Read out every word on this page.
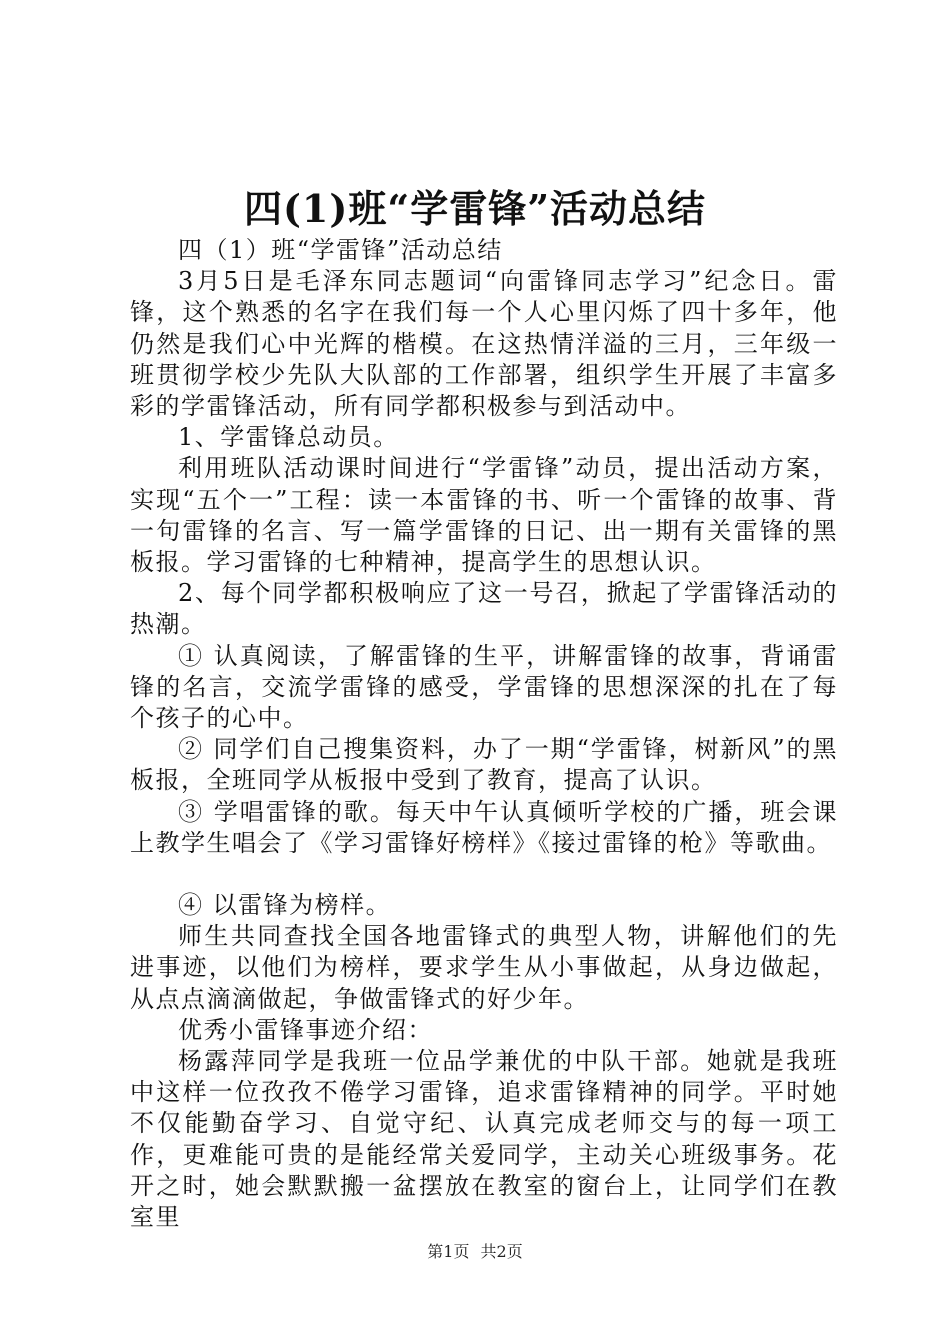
四(1)班“学雷锋”活动总结

四（1）班“学雷锋”活动总结

3月5日是毛泽东同志题词“向雷锋同志学习”纪念日。雷锋，这个熟悉的名字在我们每一个人心里闪烁了四十多年，他仍然是我们心中光辉的楷模。在这热情洋溢的三月，三年级一班贯彻学校少先队大队部的工作部署，组织学生开展了丰富多彩的学雷锋活动，所有同学都积极参与到活动中。

1、学雷锋总动员。

利用班队活动课时间进行“学雷锋”动员，提出活动方案，实现“五个一”工程：读一本雷锋的书、听一个雷锋的故事、背一句雷锋的名言、写一篇学雷锋的日记、出一期有关雷锋的黑板报。学习雷锋的七种精神，提高学生的思想认识。

2、每个同学都积极响应了这一号召，掀起了学雷锋活动的热潮。

① 认真阅读，了解雷锋的生平，讲解雷锋的故事，背诵雷锋的名言，交流学雷锋的感受，学雷锋的思想深深的扎在了每个孩子的心中。

② 同学们自己搜集资料，办了一期“学雷锋，树新风”的黑板报，全班同学从板报中受到了教育，提高了认识。

③ 学唱雷锋的歌。每天中午认真倾听学校的广播，班会课上教学生唱会了《学习雷锋好榜样》《接过雷锋的枪》等歌曲。

④ 以雷锋为榜样。

师生共同查找全国各地雷锋式的典型人物，讲解他们的先进事迹，以他们为榜样，要求学生从小事做起，从身边做起，从点点滴滴做起，争做雷锋式的好少年。

优秀小雷锋事迹介绍：

杨露萍同学是我班一位品学兼优的中队干部。她就是我班中这样一位孜孜不倦学习雷锋，追求雷锋精神的同学。平时她不仅能勤奋学习、自觉守纪、认真完成老师交与的每一项工作，更难能可贵的是能经常关爱同学，主动关心班级事务。花开之时，她会默默搬一盆摆放在教室的窗台上，让同学们在教室里

第1页 共2页
